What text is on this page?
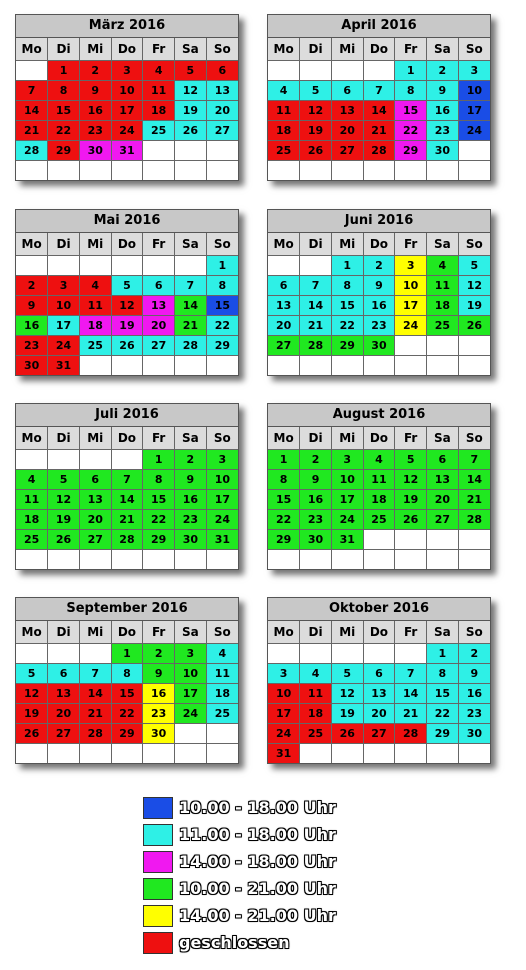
März 2016
Mo	Di	Mi	Do	Fr	Sa	So
	1	2	3	4	5	6
7	8	9	10	11	12	13
14	15	16	17	18	19	20
21	22	23	24	25	26	27
28	29	30	31			

April 2016
Mo	Di	Mi	Do	Fr	Sa	So
				1	2	3
4	5	6	7	8	9	10
11	12	13	14	15	16	17
18	19	20	21	22	23	24
25	26	27	28	29	30	

Mai 2016
Mo	Di	Mi	Do	Fr	Sa	So
						1
2	3	4	5	6	7	8
9	10	11	12	13	14	15
16	17	18	19	20	21	22
23	24	25	26	27	28	29
30	31					
Juni 2016
Mo	Di	Mi	Do	Fr	Sa	So
		1	2	3	4	5
6	7	8	9	10	11	12
13	14	15	16	17	18	19
20	21	22	23	24	25	26
27	28	29	30			

Juli 2016
Mo	Di	Mi	Do	Fr	Sa	So
				1	2	3
4	5	6	7	8	9	10
11	12	13	14	15	16	17
18	19	20	21	22	23	24
25	26	27	28	29	30	31

August 2016
Mo	Di	Mi	Do	Fr	Sa	So
1	2	3	4	5	6	7
8	9	10	11	12	13	14
15	16	17	18	19	20	21
22	23	24	25	26	27	28
29	30	31				

September 2016
Mo	Di	Mi	Do	Fr	Sa	So
			1	2	3	4
5	6	7	8	9	10	11
12	13	14	15	16	17	18
19	20	21	22	23	24	25
26	27	28	29	30		

Oktober 2016
Mo	Di	Mi	Do	Fr	Sa	So
					1	2
3	4	5	6	7	8	9
10	11	12	13	14	15	16
17	18	19	20	21	22	23
24	25	26	27	28	29	30
31						
10.00 - 18.00 Uhr
11.00 - 18.00 Uhr
14.00 - 18.00 Uhr
10.00 - 21.00 Uhr
14.00 - 21.00 Uhr
geschlossen
